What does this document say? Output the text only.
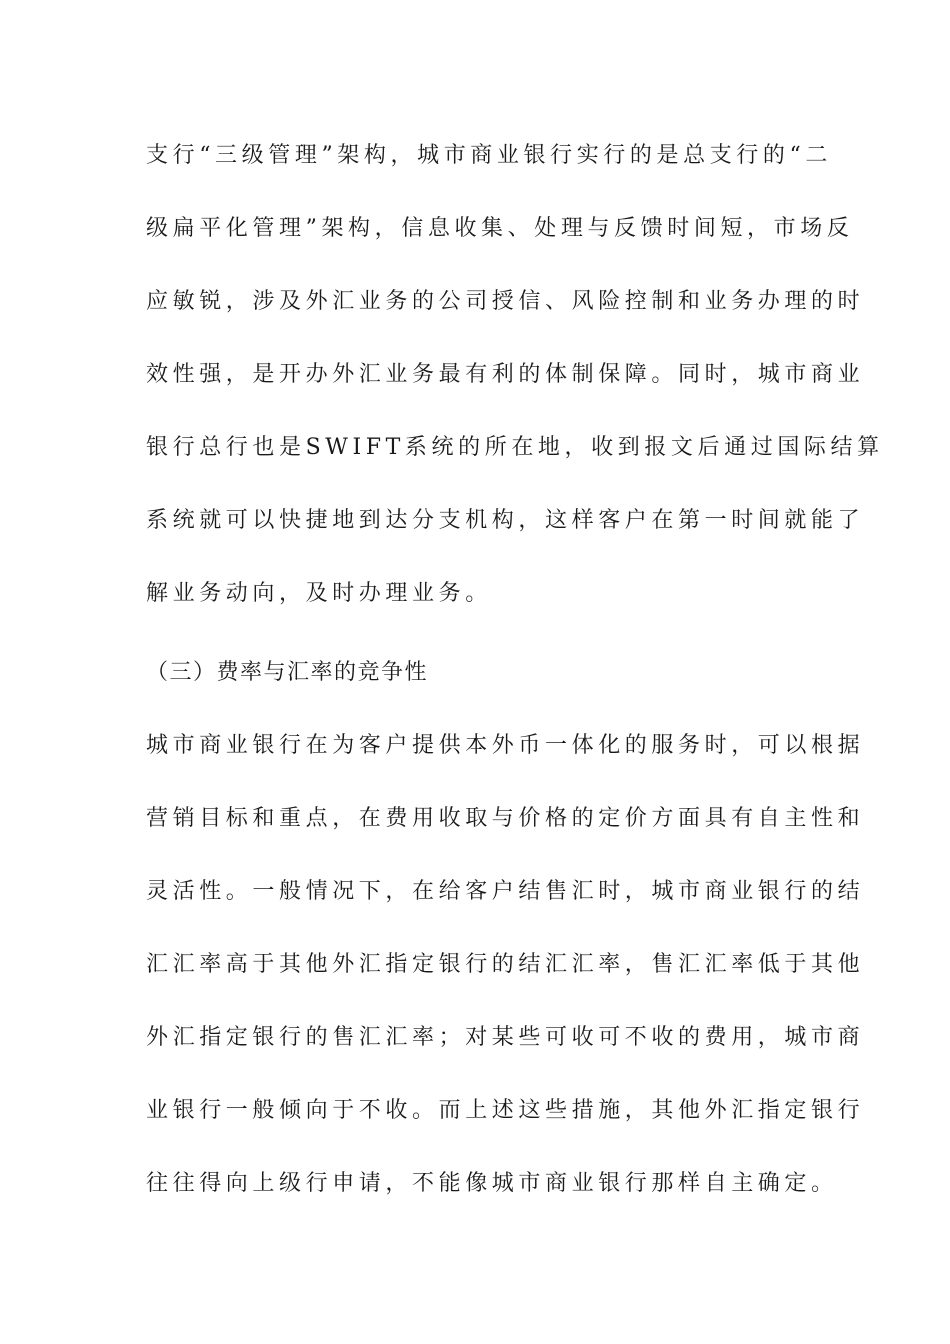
支行“三级管理”架构，城市商业银行实行的是总支行的“二
级扁平化管理”架构，信息收集、处理与反馈时间短，市场反
应敏锐，涉及外汇业务的公司授信、风险控制和业务办理的时
效性强，是开办外汇业务最有利的体制保障。同时，城市商业
银行总行也是SWIFT系统的所在地，收到报文后通过国际结算
系统就可以快捷地到达分支机构，这样客户在第一时间就能了
解业务动向，及时办理业务。
（三）费率与汇率的竞争性
城市商业银行在为客户提供本外币一体化的服务时，可以根据
营销目标和重点，在费用收取与价格的定价方面具有自主性和
灵活性。一般情况下，在给客户结售汇时，城市商业银行的结
汇汇率高于其他外汇指定银行的结汇汇率，售汇汇率低于其他
外汇指定银行的售汇汇率；对某些可收可不收的费用，城市商
业银行一般倾向于不收。而上述这些措施，其他外汇指定银行
往往得向上级行申请，不能像城市商业银行那样自主确定。
